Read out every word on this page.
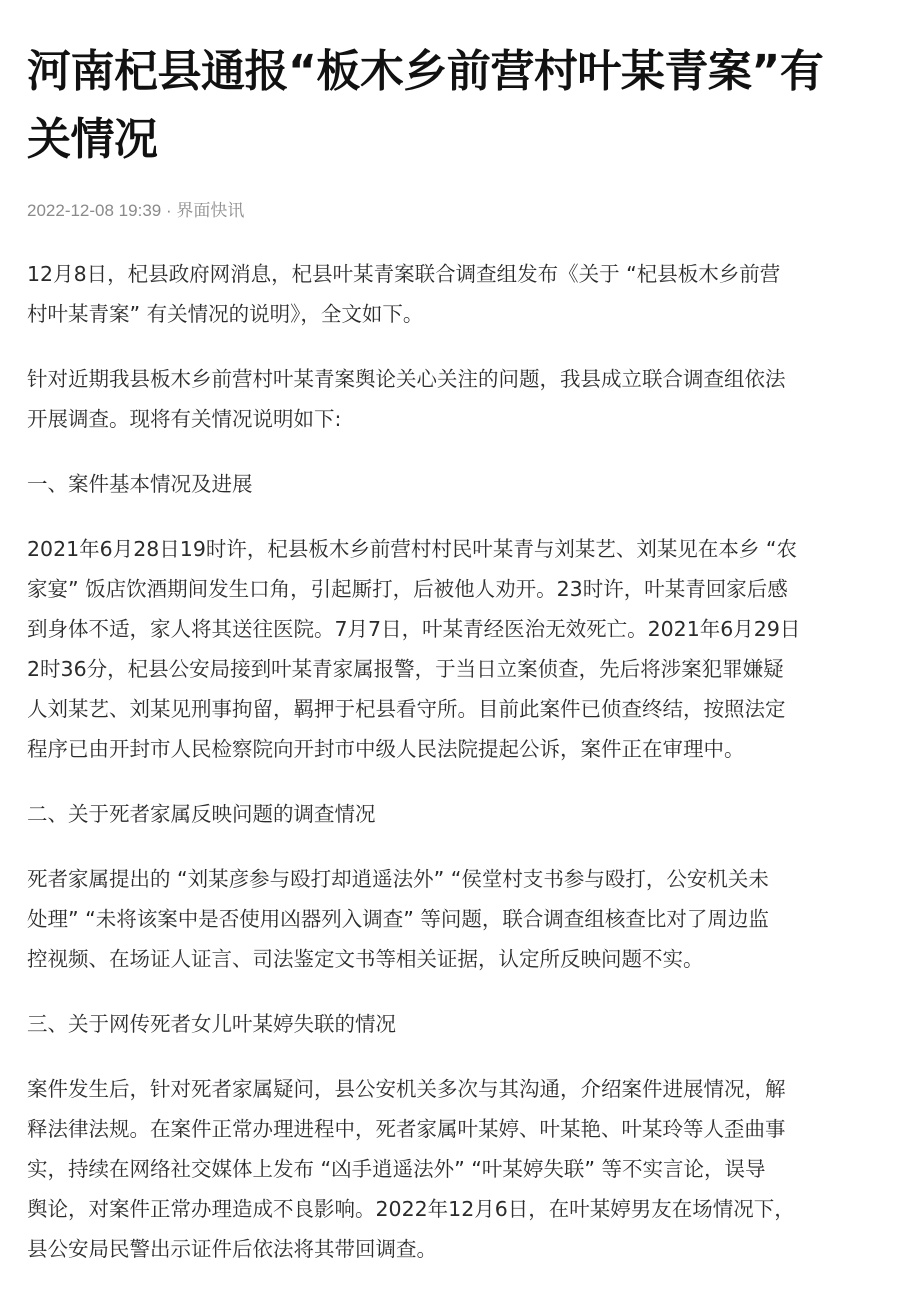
河南杞县通报“板木乡前营村叶某青案”有
关情况
2022-12-08 19:39 · 界面快讯

12月8日，杞县政府网消息，杞县叶某青案联合调查组发布《关于 “杞县板木乡前营
村叶某青案” 有关情况的说明》，全文如下。

针对近期我县板木乡前营村叶某青案舆论关心关注的问题，我县成立联合调查组依法
开展调查。现将有关情况说明如下:

一、案件基本情况及进展

2021年6月28日19时许，杞县板木乡前营村村民叶某青与刘某艺、刘某见在本乡 “农
家宴” 饭店饮酒期间发生口角，引起厮打，后被他人劝开。23时许，叶某青回家后感
到身体不适，家人将其送往医院。7月7日，叶某青经医治无效死亡。2021年6月29日
2时36分，杞县公安局接到叶某青家属报警，于当日立案侦查，先后将涉案犯罪嫌疑
人刘某艺、刘某见刑事拘留，羁押于杞县看守所。目前此案件已侦查终结，按照法定
程序已由开封市人民检察院向开封市中级人民法院提起公诉，案件正在审理中。

二、关于死者家属反映问题的调查情况

死者家属提出的 “刘某彦参与殴打却逍遥法外” “侯堂村支书参与殴打，公安机关未
处理” “未将该案中是否使用凶器列入调查” 等问题，联合调查组核查比对了周边监
控视频、在场证人证言、司法鉴定文书等相关证据，认定所反映问题不实。

三、关于网传死者女儿叶某婷失联的情况

案件发生后，针对死者家属疑问，县公安机关多次与其沟通，介绍案件进展情况，解
释法律法规。在案件正常办理进程中，死者家属叶某婷、叶某艳、叶某玲等人歪曲事
实，持续在网络社交媒体上发布 “凶手逍遥法外” “叶某婷失联” 等不实言论，误导
舆论，对案件正常办理造成不良影响。2022年12月6日，在叶某婷男友在场情况下，
县公安局民警出示证件后依法将其带回调查。
